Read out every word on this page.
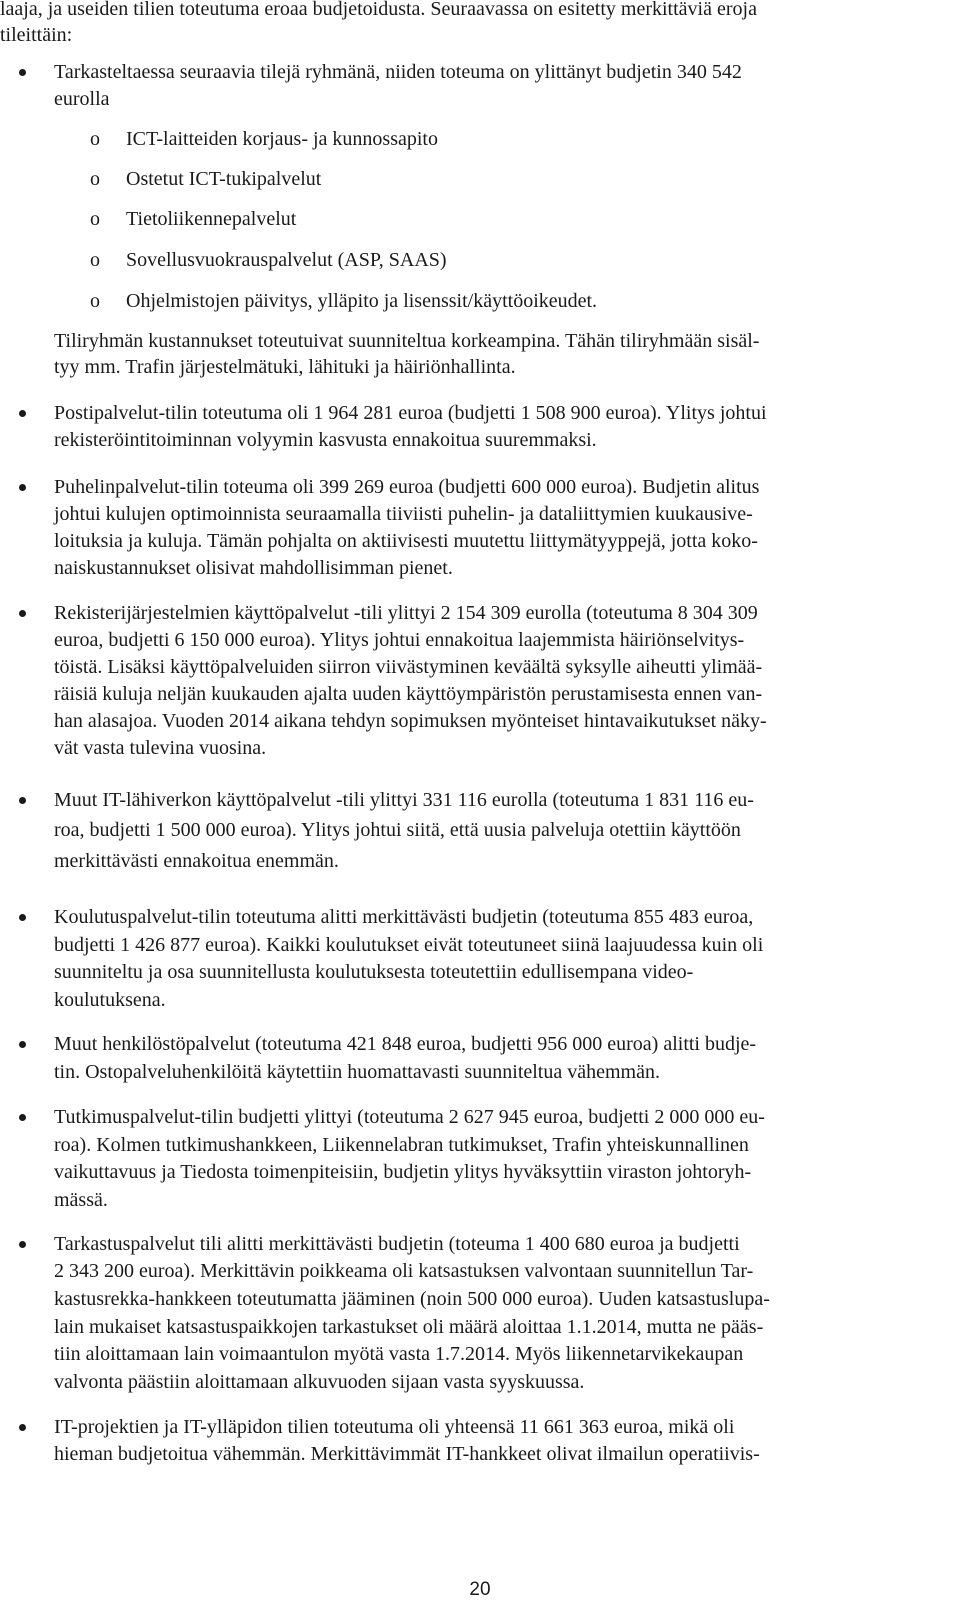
laaja, ja useiden tilien toteutuma eroaa budjetoidusta. Seuraavassa on esitetty merkittäviä eroja
tileittäin:
Tarkasteltaessa seuraavia tilejä ryhmänä, niiden toteuma on ylittänyt budjetin 340 542
eurolla
o ICT-laitteiden korjaus- ja kunnossapito
o Ostetut ICT-tukipalvelut
o Tietoliikennepalvelut
o Sovellusvuokrauspalvelut (ASP, SAAS)
o Ohjelmistojen päivitys, ylläpito ja lisenssit/käyttöoikeudet.
Tiliryhmän kustannukset toteutuivat suunniteltua korkeampina. Tähän tiliryhmään sisäl-
tyy mm. Trafin järjestelmätuki, lähituki ja häiriönhallinta.
Postipalvelut-tilin toteutuma oli 1 964 281 euroa (budjetti 1 508 900 euroa). Ylitys johtui
rekisteröintitoiminnan volyymin kasvusta ennakoitua suuremmaksi.
Puhelinpalvelut-tilin toteuma oli 399 269 euroa (budjetti 600 000 euroa). Budjetin alitus
johtui kulujen optimoinnista seuraamalla tiiviisti puhelin- ja dataliittymien kuukausive-
loituksia ja kuluja. Tämän pohjalta on aktiivisesti muutettu liittymätyyppejä, jotta koko-
naiskustannukset olisivat mahdollisimman pienet.
Rekisterijärjestelmien käyttöpalvelut -tili ylittyi 2 154 309 eurolla (toteutuma 8 304 309
euroa, budjetti 6 150 000 euroa). Ylitys johtui ennakoitua laajemmista häiriönselvitys-
töistä. Lisäksi käyttöpalveluiden siirron viivästyminen keväältä syksylle aiheutti ylimää-
räisiä kuluja neljän kuukauden ajalta uuden käyttöympäristön perustamisesta ennen van-
han alasajoa. Vuoden 2014 aikana tehdyn sopimuksen myönteiset hintavaikutukset näky-
vät vasta tulevina vuosina.
Muut IT-lähiverkon käyttöpalvelut -tili ylittyi 331 116 eurolla (toteutuma 1 831 116 eu-
roa, budjetti 1 500 000 euroa). Ylitys johtui siitä, että uusia palveluja otettiin käyttöön
merkittävästi ennakoitua enemmän.
Koulutuspalvelut-tilin toteutuma alitti merkittävästi budjetin (toteutuma 855 483 euroa,
budjetti 1 426 877 euroa). Kaikki koulutukset eivät toteutuneet siinä laajuudessa kuin oli
suunniteltu ja osa suunnitellusta koulutuksesta toteutettiin edullisempana video-
koulutuksena.
Muut henkilöstöpalvelut (toteutuma 421 848 euroa, budjetti 956 000 euroa) alitti budje-
tin. Ostopalveluhenkilöitä käytettiin huomattavasti suunniteltua vähemmän.
Tutkimuspalvelut-tilin budjetti ylittyi (toteutuma 2 627 945 euroa, budjetti 2 000 000 eu-
roa). Kolmen tutkimushankkeen, Liikennelabran tutkimukset, Trafin yhteiskunnallinen
vaikuttavuus ja Tiedosta toimenpiteisiin, budjetin ylitys hyväksyttiin viraston johtoryh-
mässä.
Tarkastuspalvelut tili alitti merkittävästi budjetin (toteuma 1 400 680 euroa ja budjetti
2 343 200 euroa). Merkittävin poikkeama oli katsastuksen valvontaan suunnitellun Tar-
kastusrekka-hankkeen toteutumatta jääminen (noin 500 000 euroa). Uuden katsastuslupa-
lain mukaiset katsastuspaikkojen tarkastukset oli määrä aloittaa 1.1.2014, mutta ne pääs-
tiin aloittamaan lain voimaantulon myötä vasta 1.7.2014. Myös liikennetarvikekaupan
valvonta päästiin aloittamaan alkuvuoden sijaan vasta syyskuussa.
IT-projektien ja IT-ylläpidon tilien toteutuma oli yhteensä 11 661 363 euroa, mikä oli
hieman budjetoitua vähemmän. Merkittävimmät IT-hankkeet olivat ilmailun operatiivis-
20
